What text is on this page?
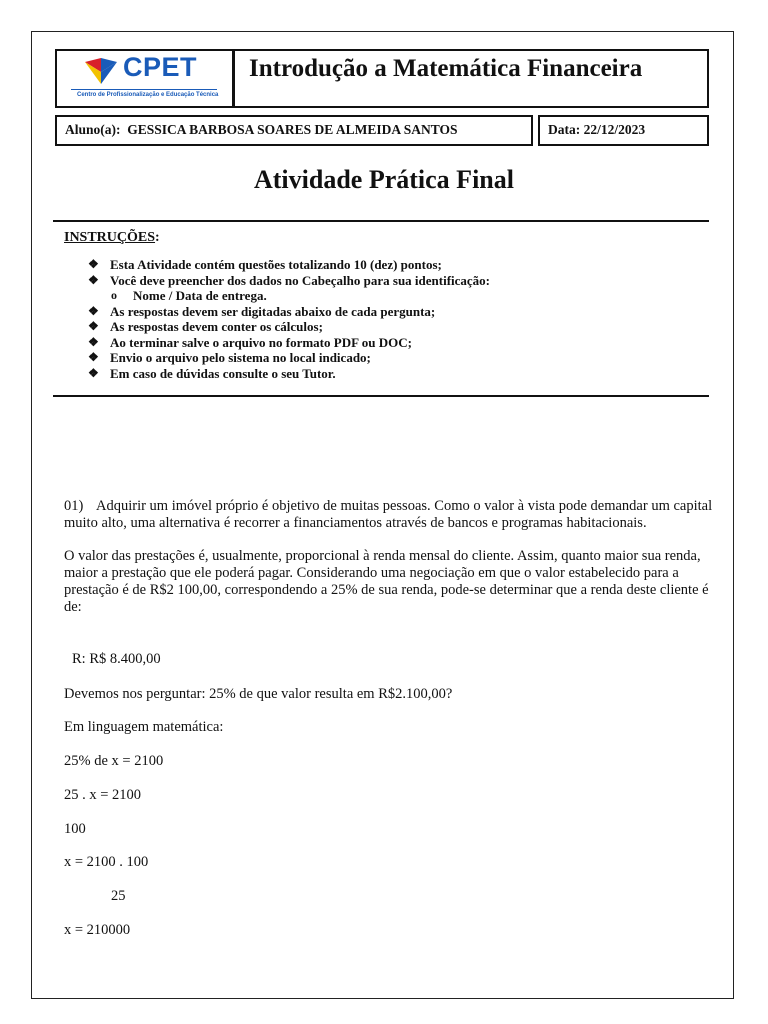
CPET
Centro de Profissionalização e Educação Técnica
Introdução a Matemática Financeira
Aluno(a): GESSICA BARBOSA SOARES DE ALMEIDA SANTOS	Data: 22/12/2023
Atividade Prática Final
INSTRUÇÕES:
❖ Esta Atividade contém questões totalizando 10 (dez) pontos;
❖ Você deve preencher dos dados no Cabeçalho para sua identificação:
o Nome / Data de entrega.
❖ As respostas devem ser digitadas abaixo de cada pergunta;
❖ As respostas devem conter os cálculos;
❖ Ao terminar salve o arquivo no formato PDF ou DOC;
❖ Envio o arquivo pelo sistema no local indicado;
❖ Em caso de dúvidas consulte o seu Tutor.

01) Adquirir um imóvel próprio é objetivo de muitas pessoas. Como o valor à vista pode demandar um capital muito alto, uma alternativa é recorrer a financiamentos através de bancos e programas habitacionais.

O valor das prestações é, usualmente, proporcional à renda mensal do cliente. Assim, quanto maior sua renda, maior a prestação que ele poderá pagar. Considerando uma negociação em que o valor estabelecido para a prestação é de R$2 100,00, correspondendo a 25% de sua renda, pode-se determinar que a renda deste cliente é de:

R: R$ 8.400,00
Devemos nos perguntar: 25% de que valor resulta em R$2.100,00?
Em linguagem matemática:
25% de x = 2100
25 . x = 2100
100
x = 2100 . 100
25
x = 210000
